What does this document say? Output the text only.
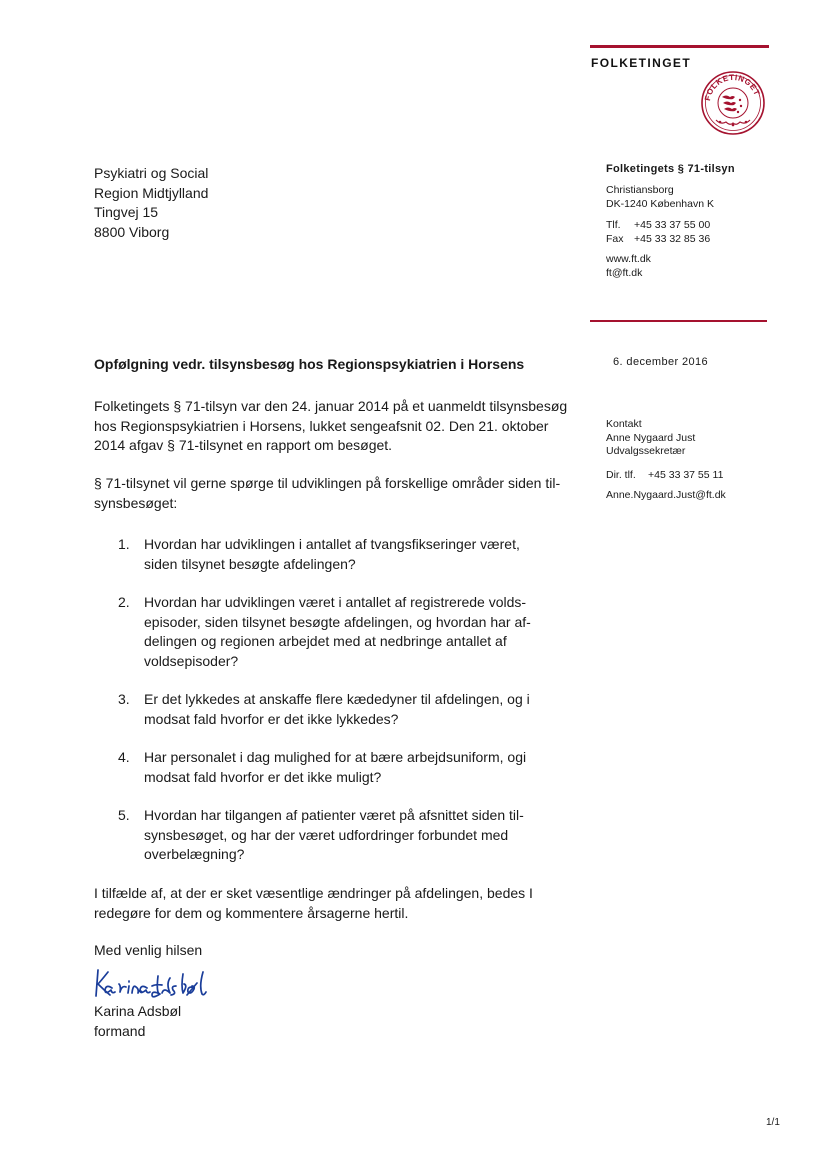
FOLKETINGET
FOLKETINGET
Psykiatri og Social
Region Midtjylland
Tingvej 15
8800 Viborg
Folketingets § 71-tilsyn
Christiansborg
DK-1240 København K
Tlf. +45 33 37 55 00
Fax +45 33 32 85 36
www.ft.dk
ft@ft.dk
6. december 2016
Kontakt
Anne Nygaard Just
Udvalgssekretær
Dir. tlf. +45 33 37 55 11
Anne.Nygaard.Just@ft.dk
Opfølgning vedr. tilsynsbesøg hos Regionspsykiatrien i Horsens
Folketingets § 71-tilsyn var den 24. januar 2014 på et uanmeldt tilsynsbesøg
hos Regionspsykiatrien i Horsens, lukket sengeafsnit 02. Den 21. oktober
2014 afgav § 71-tilsynet en rapport om besøget.
§ 71-tilsynet vil gerne spørge til udviklingen på forskellige områder siden til-
synsbesøget:
1. Hvordan har udviklingen i antallet af tvangsfikseringer været,
siden tilsynet besøgte afdelingen?
2. Hvordan har udviklingen været i antallet af registrerede volds-
episoder, siden tilsynet besøgte afdelingen, og hvordan har af-
delingen og regionen arbejdet med at nedbringe antallet af
voldsepisoder?
3. Er det lykkedes at anskaffe flere kædedyner til afdelingen, og i
modsat fald hvorfor er det ikke lykkedes?
4. Har personalet i dag mulighed for at bære arbejdsuniform, ogi
modsat fald hvorfor er det ikke muligt?
5. Hvordan har tilgangen af patienter været på afsnittet siden til-
synsbesøget, og har der været udfordringer forbundet med
overbelægning?
I tilfælde af, at der er sket væsentlige ændringer på afdelingen, bedes I
redegøre for dem og kommentere årsagerne hertil.
Med venlig hilsen
Karina Adsbøl
formand
1/1
